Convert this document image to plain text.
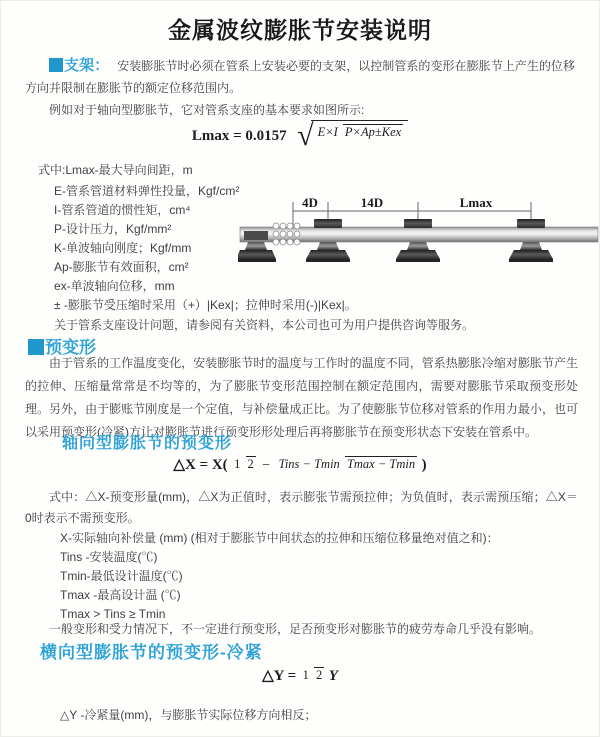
金属波纹膨胀节安装说明

支架： 安装膨胀节时必须在管系上安装必要的支架，以控制管系的变形在膨胀节上产生的位移方向并限制在膨胀节的额定位移范围内。

例如对于轴向型膨胀节，它对管系支座的基本要求如图所示:

Lmax = 0.0157 √ E×I P×Ap±Kex
式中:Lmax-最大导向间距，m
E-管系管道材料弹性投量，Kgf/cm²
I-管系管道的惯性矩，cm⁴
P-设计压力，Kgf/mm²
K-单波轴向刚度；Kgf/mm
Ap-膨胀节有效面积，cm²
ex-单波轴向位移，mm
± -膨胀节受压缩时采用（+）|Kex|；拉伸时采用(-)|Kex|。
关于管系支座设计问题，请参阅有关资料，本公司也可为用户提供咨询等服务。
4D	14D	Lmax
预变形

由于管系的工作温度变化，安装膨胀节时的温度与工作时的温度不同，管系热膨胀冷缩对膨胀节产生的拉伸、压缩量常常是不均等的，为了膨胀节变形范围控制在额定范围内，需要对膨胀节采取预变形处理。另外，由于膨账节刚度是一个定值，与补偿量成正比。为了使膨胀节位移对管系的作用力最小，也可以采用预变形(冷紧)方让对膨胀节进行预变形形处理后再将膨胀节在预变形状态下安装在管系中。

轴向型膨胀节的预变形
△X = X( 1 2 − Tins − Tmin Tmax − Tmin )

式中：△X-预变形量(mm)，△X为正值时，表示膨张节需预拉伸；为负值时，表示需预压缩；△X＝0时表示不需预变形。

X-实际轴向补偿量 (mm) (相对于膨胀节中间状态的拉伸和压缩位移量绝对值之和)：
Tins -安装温度(℃)
Tmin-最低设计温度(℃)
Tmax -最高设计温 (℃)
Tmax > Tins ≥ Tmin

一般变形和受力情况下，不一定进行预变形，足否预变形对膨胀节的疲劳寿命几乎没有影响。

横向型膨胀节的预变形-冷紧
△Y = 1 2 Y
△Y -冷紧量(mm)，与膨胀节实际位移方向相反；
